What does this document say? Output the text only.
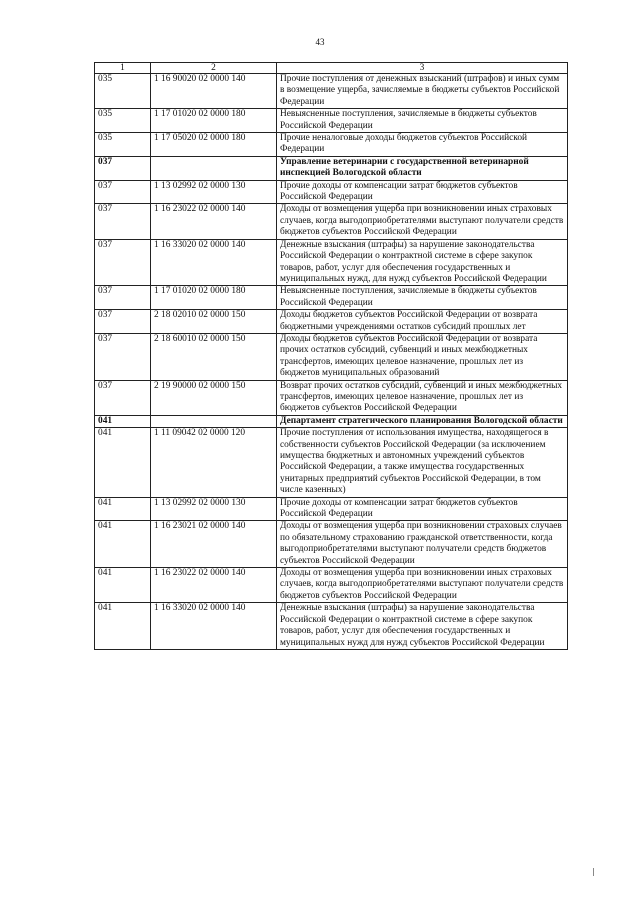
43
1	2	3
035	1 16 90020 02 0000 140	Прочие поступления от денежных взысканий (штрафов) и иных сумм в возмещение ущерба, зачисляемые в бюджеты субъектов Российской Федерации
035	1 17 01020 02 0000 180	Невыясненные поступления, зачисляемые в бюджеты субъектов Российской Федерации
035	1 17 05020 02 0000 180	Прочие неналоговые доходы бюджетов субъектов Российской Федерации
037		Управление ветеринарии с государственной ветеринарной инспекцией Вологодской области
037	1 13 02992 02 0000 130	Прочие доходы от компенсации затрат бюджетов субъектов Российской Федерации
037	1 16 23022 02 0000 140	Доходы от возмещения ущерба при возникновении иных страховых случаев, когда выгодоприобретателями выступают получатели средств бюджетов субъектов Российской Федерации
037	1 16 33020 02 0000 140	Денежные взыскания (штрафы) за нарушение законодательства Российской Федерации о контрактной системе в сфере закупок товаров, работ, услуг для обеспечения государственных и муниципальных нужд, для нужд субъектов Российской Федерации
037	1 17 01020 02 0000 180	Невыясненные поступления, зачисляемые в бюджеты субъектов Российской Федерации
037	2 18 02010 02 0000 150	Доходы бюджетов субъектов Российской Федерации от возврата бюджетными учреждениями остатков субсидий прошлых лет
037	2 18 60010 02 0000 150	Доходы бюджетов субъектов Российской Федерации от возврата прочих остатков субсидий, субвенций и иных межбюджетных трансфертов, имеющих целевое назначение, прошлых лет из бюджетов муниципальных образований
037	2 19 90000 02 0000 150	Возврат прочих остатков субсидий, субвенций и иных межбюджетных трансфертов, имеющих целевое назначение, прошлых лет из бюджетов субъектов Российской Федерации
041		Департамент стратегического планирования Вологодской области
041	1 11 09042 02 0000 120	Прочие поступления от использования имущества, находящегося в собственности субъектов Российской Федерации (за исключением имущества бюджетных и автономных учреждений субъектов Российской Федерации, а также имущества государственных унитарных предприятий субъектов Российской Федерации, в том числе казенных)
041	1 13 02992 02 0000 130	Прочие доходы от компенсации затрат бюджетов субъектов Российской Федерации
041	1 16 23021 02 0000 140	Доходы от возмещения ущерба при возникновении страховых случаев по обязательному страхованию гражданской ответственности, когда выгодоприобретателями выступают получатели средств бюджетов субъектов Российской Федерации
041	1 16 23022 02 0000 140	Доходы от возмещения ущерба при возникновении иных страховых случаев, когда выгодоприобретателями выступают получатели средств бюджетов субъектов Российской Федерации
041	1 16 33020 02 0000 140	Денежные взыскания (штрафы) за нарушение законодательства Российской Федерации о контрактной системе в сфере закупок товаров, работ, услуг для обеспечения государственных и муниципальных нужд для нужд субъектов Российской Федерации
